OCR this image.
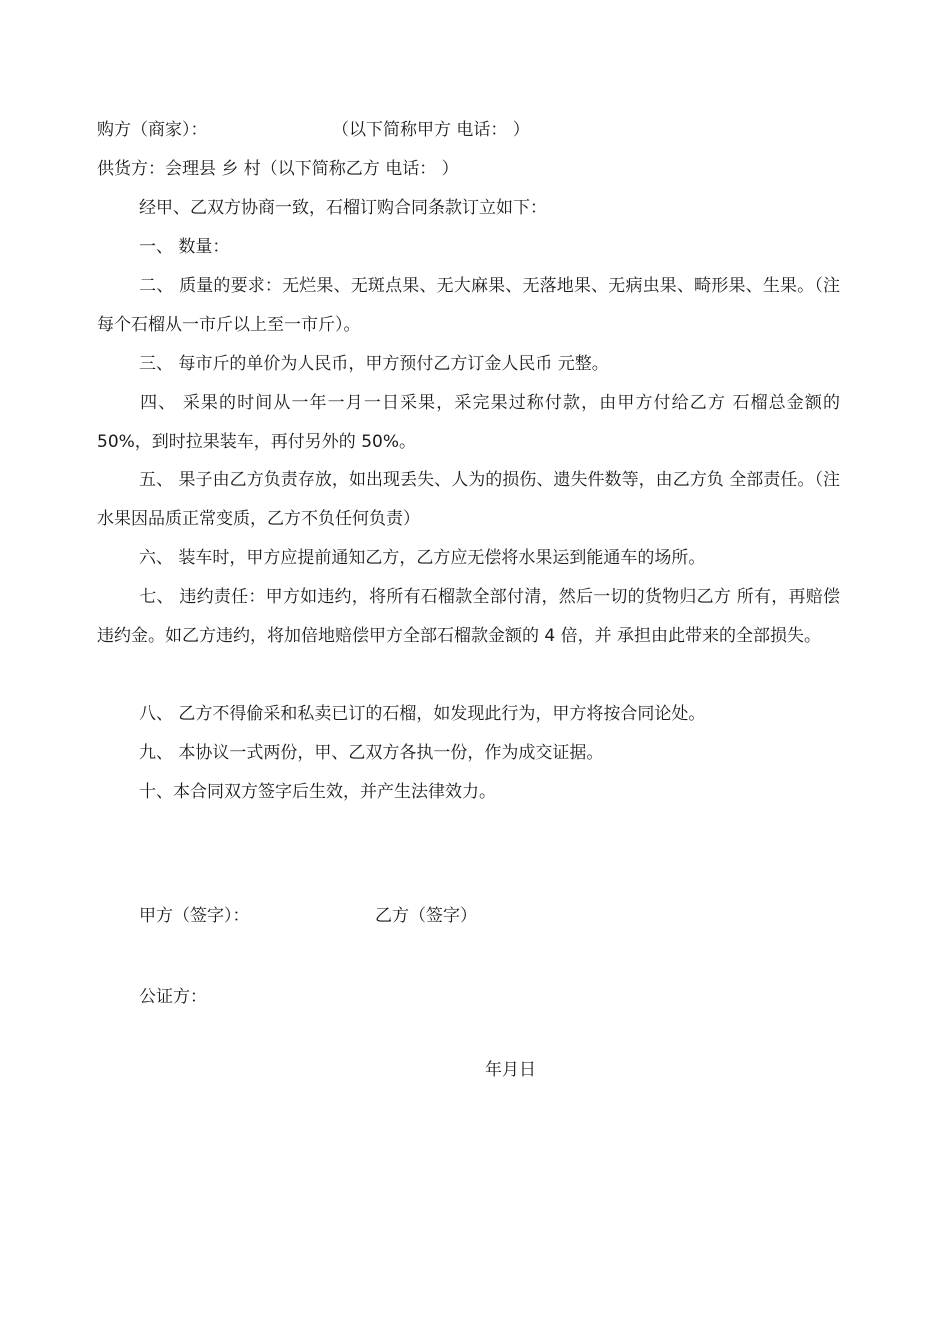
购方（商家）：	（以下简称甲方 电话： ）
供货方：会理县 乡 村（以下简称乙方 电话： ）
经甲、乙双方协商一致，石榴订购合同条款订立如下：
一、 数量：
二、 质量的要求：无烂果、无斑点果、无大麻果、无落地果、无病虫果、畸形果、生果。（注每个石榴从一市斤以上至一市斤）。
三、 每市斤的单价为人民币，甲方预付乙方订金人民币 元整。
四、 采果的时间从一年一月一日采果，采完果过称付款，由甲方付给乙方 石榴总金额的 50%，到时拉果装车，再付另外的 50%。
五、 果子由乙方负责存放，如出现丢失、人为的损伤、遗失件数等，由乙方负 全部责任。（注水果因品质正常变质，乙方不负任何负责）
六、 装车时，甲方应提前通知乙方，乙方应无偿将水果运到能通车的场所。
七、 违约责任：甲方如违约，将所有石榴款全部付清，然后一切的货物归乙方 所有，再赔偿违约金。如乙方违约，将加倍地赔偿甲方全部石榴款金额的 4 倍，并 承担由此带来的全部损失。
八、 乙方不得偷采和私卖已订的石榴，如发现此行为，甲方将按合同论处。
九、 本协议一式两份，甲、乙双方各执一份，作为成交证据。
十、本合同双方签字后生效，并产生法律效力。
甲方（签字）：	乙方（签字）
公证方：
年月日
